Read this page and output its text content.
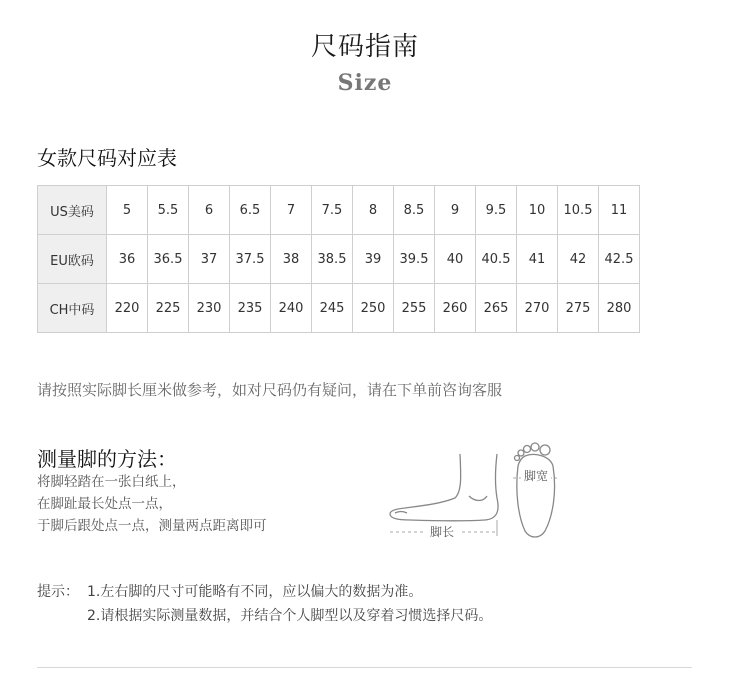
尺码指南
Size
女款尺码对应表
US美码	5	5.5	6	6.5	7	7.5	8	8.5	9	9.5	10	10.5	11
EU欧码	36	36.5	37	37.5	38	38.5	39	39.5	40	40.5	41	42	42.5
CH中码	220	225	230	235	240	245	250	255	260	265	270	275	280
请按照实际脚长厘米做参考，如对尺码仍有疑问，请在下单前咨询客服
测量脚的方法：
将脚轻踏在一张白纸上，
在脚趾最长处点一点，
于脚后跟处点一点，测量两点距离即可	脚长
脚宽
提示： 1.左右脚的尺寸可能略有不同，应以偏大的数据为准。
2.请根据实际测量数据，并结合个人脚型以及穿着习惯选择尺码。
